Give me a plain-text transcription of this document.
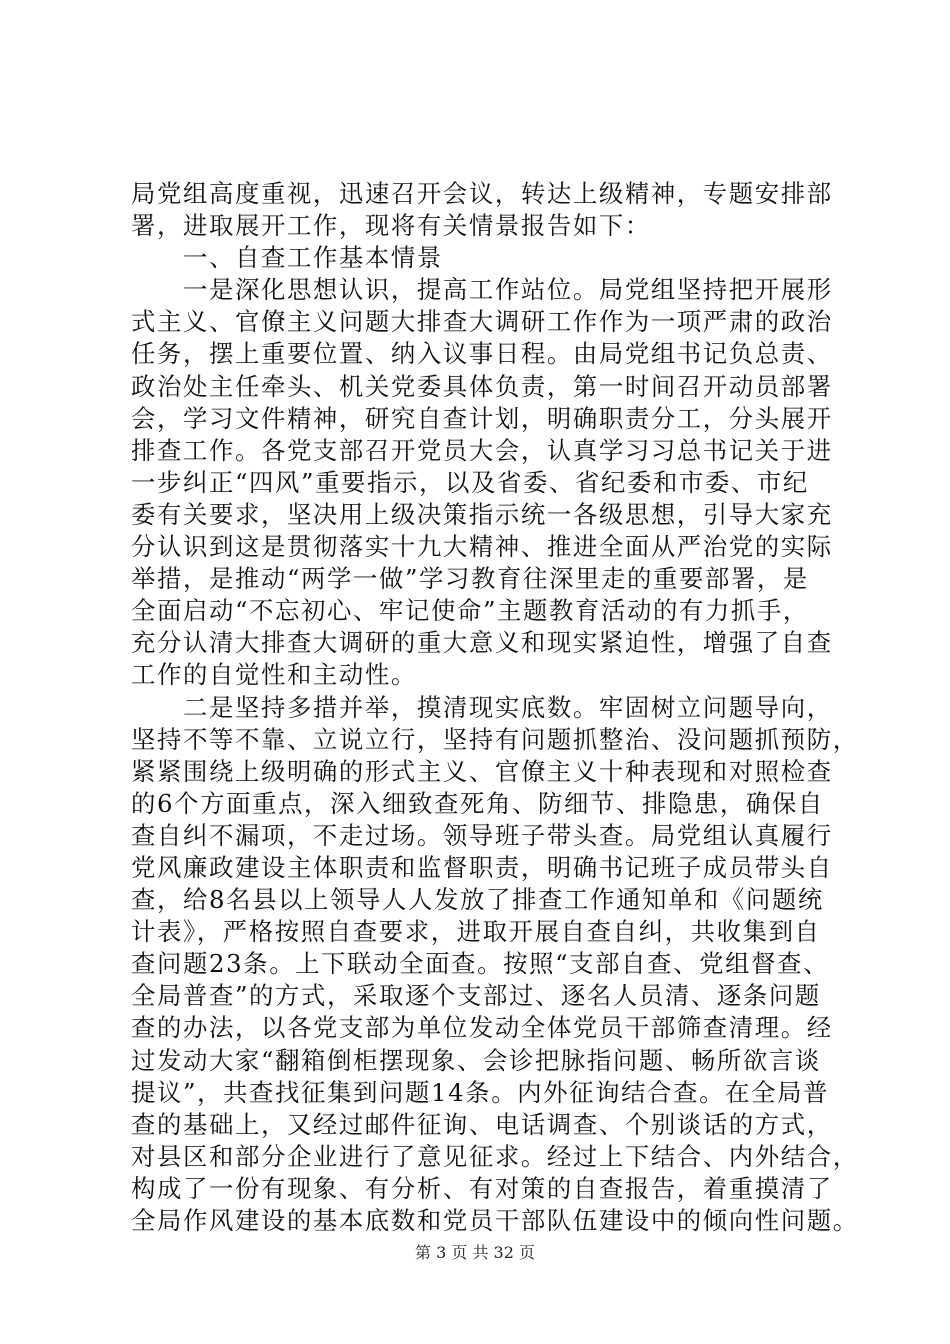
局党组高度重视，迅速召开会议，转达上级精神，专题安排部
署，进取展开工作，现将有关情景报告如下：
　　一、自查工作基本情景
　　一是深化思想认识，提高工作站位。局党组坚持把开展形
式主义、官僚主义问题大排查大调研工作作为一项严肃的政治
任务，摆上重要位置、纳入议事日程。由局党组书记负总责、
政治处主任牵头、机关党委具体负责，第一时间召开动员部署
会，学习文件精神，研究自查计划，明确职责分工，分头展开
排查工作。各党支部召开党员大会，认真学习习总书记关于进
一步纠正“四风”重要指示，以及省委、省纪委和市委、市纪
委有关要求，坚决用上级决策指示统一各级思想，引导大家充
分认识到这是贯彻落实十九大精神、推进全面从严治党的实际
举措，是推动“两学一做”学习教育往深里走的重要部署，是
全面启动“不忘初心、牢记使命”主题教育活动的有力抓手，
充分认清大排查大调研的重大意义和现实紧迫性，增强了自查
工作的自觉性和主动性。
　　二是坚持多措并举，摸清现实底数。牢固树立问题导向，
坚持不等不靠、立说立行，坚持有问题抓整治、没问题抓预防，
紧紧围绕上级明确的形式主义、官僚主义十种表现和对照检查
的6个方面重点，深入细致查死角、防细节、排隐患，确保自
查自纠不漏项，不走过场。领导班子带头查。局党组认真履行
党风廉政建设主体职责和监督职责，明确书记班子成员带头自
查，给8名县以上领导人人发放了排查工作通知单和《问题统
计表》，严格按照自查要求，进取开展自查自纠，共收集到自
查问题23条。上下联动全面查。按照“支部自查、党组督查、
全局普查”的方式，采取逐个支部过、逐名人员清、逐条问题
查的办法，以各党支部为单位发动全体党员干部筛查清理。经
过发动大家“翻箱倒柜摆现象、会诊把脉指问题、畅所欲言谈
提议”，共查找征集到问题14条。内外征询结合查。在全局普
查的基础上，又经过邮件征询、电话调查、个别谈话的方式，
对县区和部分企业进行了意见征求。经过上下结合、内外结合，
构成了一份有现象、有分析、有对策的自查报告，着重摸清了
全局作风建设的基本底数和党员干部队伍建设中的倾向性问题。
第 3 页 共 32 页
